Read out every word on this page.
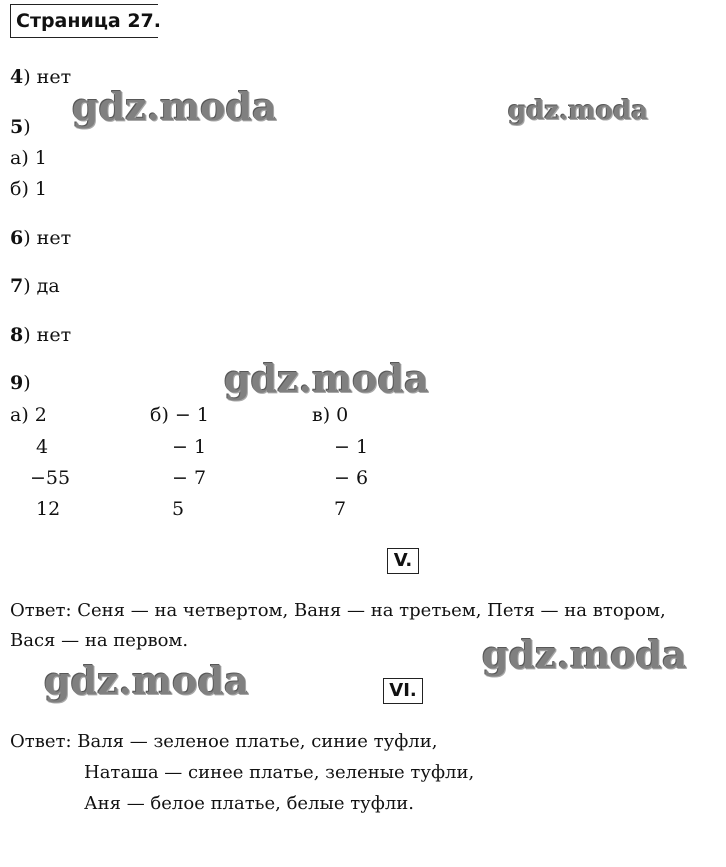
Страница 27.
gdz.moda	gdz.moda
gdz.moda
gdz.moda
gdz.moda
4) нет
5)
а) 1
б) 1
6) нет
7) да
8) нет
9)
а) 2
4
−55
12
б) − 1
− 1
− 7
5
в) 0
− 1
− 6
7
V.
Ответ: Сеня — на четвертом, Ваня — на третьем, Петя — на втором,
Вася — на первом.
VI.
Ответ: Валя — зеленое платье, синие туфли,
Наташа — синее платье, зеленые туфли,
Аня — белое платье, белые туфли.
